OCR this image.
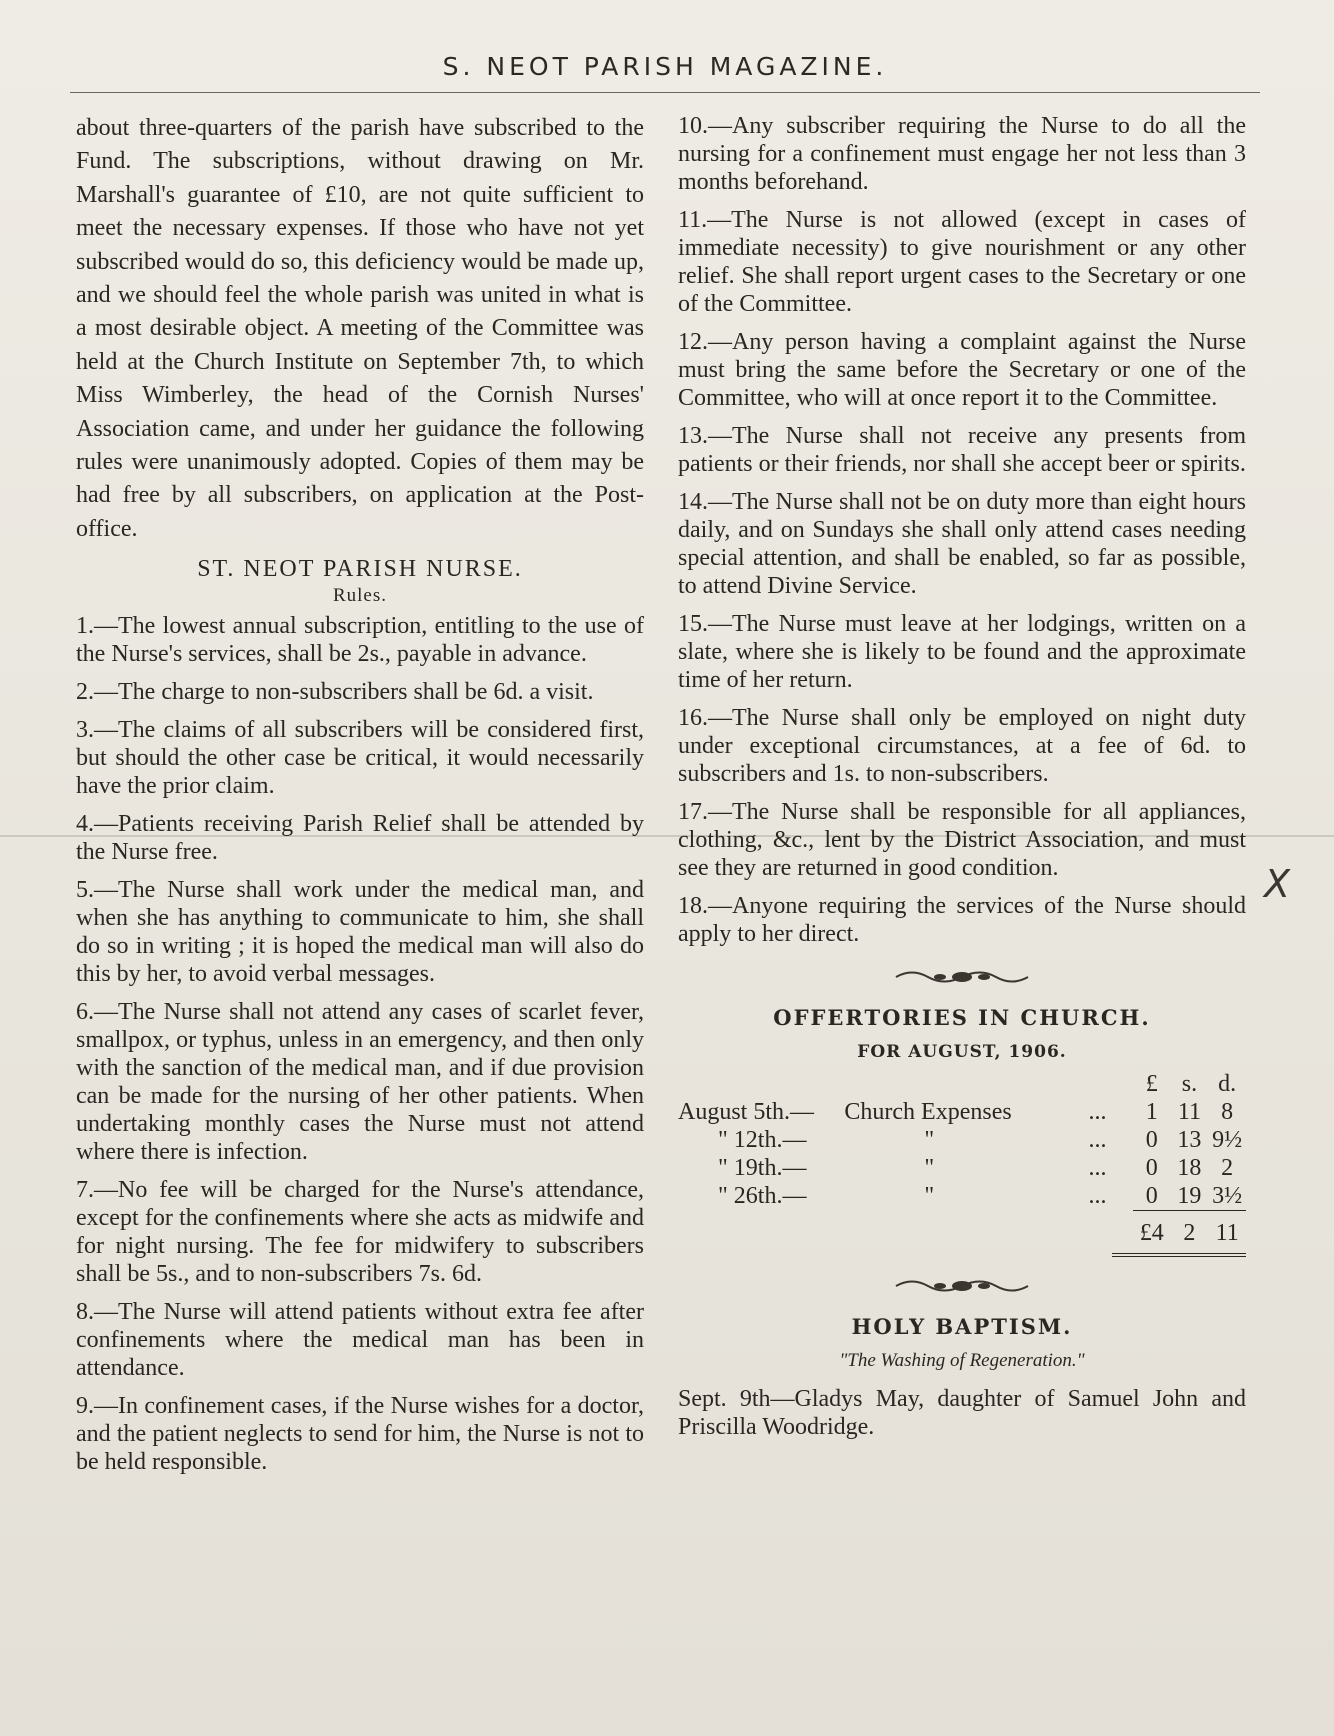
S. NEOT PARISH MAGAZINE.

about three-quarters of the parish have subscribed to the Fund. The subscriptions, without drawing on Mr. Marshall's guarantee of £10, are not quite sufficient to meet the necessary expenses. If those who have not yet subscribed would do so, this deficiency would be made up, and we should feel the whole parish was united in what is a most desirable object. A meeting of the Committee was held at the Church Institute on September 7th, to which Miss Wimberley, the head of the Cornish Nurses' Association came, and under her guidance the following rules were unanimously adopted. Copies of them may be had free by all subscribers, on application at the Post-office.

ST. NEOT PARISH NURSE.
Rules.

1.—The lowest annual subscription, entitling to the use of the Nurse's services, shall be 2s., payable in advance.

2.—The charge to non-subscribers shall be 6d. a visit.

3.—The claims of all subscribers will be considered first, but should the other case be critical, it would necessarily have the prior claim.

4.—Patients receiving Parish Relief shall be attended by the Nurse free.

5.—The Nurse shall work under the medical man, and when she has anything to communicate to him, she shall do so in writing ; it is hoped the medical man will also do this by her, to avoid verbal messages.

6.—The Nurse shall not attend any cases of scarlet fever, smallpox, or typhus, unless in an emergency, and then only with the sanction of the medical man, and if due provision can be made for the nursing of her other patients. When undertaking monthly cases the Nurse must not attend where there is infection.

7.—No fee will be charged for the Nurse's attendance, except for the confinements where she acts as midwife and for night nursing. The fee for midwifery to subscribers shall be 5s., and to non-subscribers 7s. 6d.

8.—The Nurse will attend patients without extra fee after confinements where the medical man has been in attendance.

9.—In confinement cases, if the Nurse wishes for a doctor, and the patient neglects to send for him, the Nurse is not to be held responsible.

10.—Any subscriber requiring the Nurse to do all the nursing for a confinement must engage her not less than 3 months beforehand.

11.—The Nurse is not allowed (except in cases of immediate necessity) to give nourishment or any other relief. She shall report urgent cases to the Secretary or one of the Committee.

12.—Any person having a complaint against the Nurse must bring the same before the Secretary or one of the Committee, who will at once report it to the Committee.

13.—The Nurse shall not receive any presents from patients or their friends, nor shall she accept beer or spirits.

14.—The Nurse shall not be on duty more than eight hours daily, and on Sundays she shall only attend cases needing special attention, and shall be enabled, so far as possible, to attend Divine Service.

15.—The Nurse must leave at her lodgings, written on a slate, where she is likely to be found and the approximate time of her return.

16.—The Nurse shall only be employed on night duty under exceptional circumstances, at a fee of 6d. to subscribers and 1s. to non-subscribers.

17.—The Nurse shall be responsible for all appliances, clothing, &c., lent by the District Association, and must see they are returned in good condition.

18.—Anyone requiring the services of the Nurse should apply to her direct.

OFFERTORIES IN CHURCH.
FOR AUGUST, 1906.
			£	s.	d.
August 5th.—	Church Expenses	...	1	11	8
" 12th.—	"	...	0	13	9½
" 19th.—	"	...	0	18	2
" 26th.—	"	...	0	19	3½
			£4	2	11
HOLY BAPTISM.
"The Washing of Regeneration."

Sept. 9th—Gladys May, daughter of Samuel John and Priscilla Woodridge.

X
